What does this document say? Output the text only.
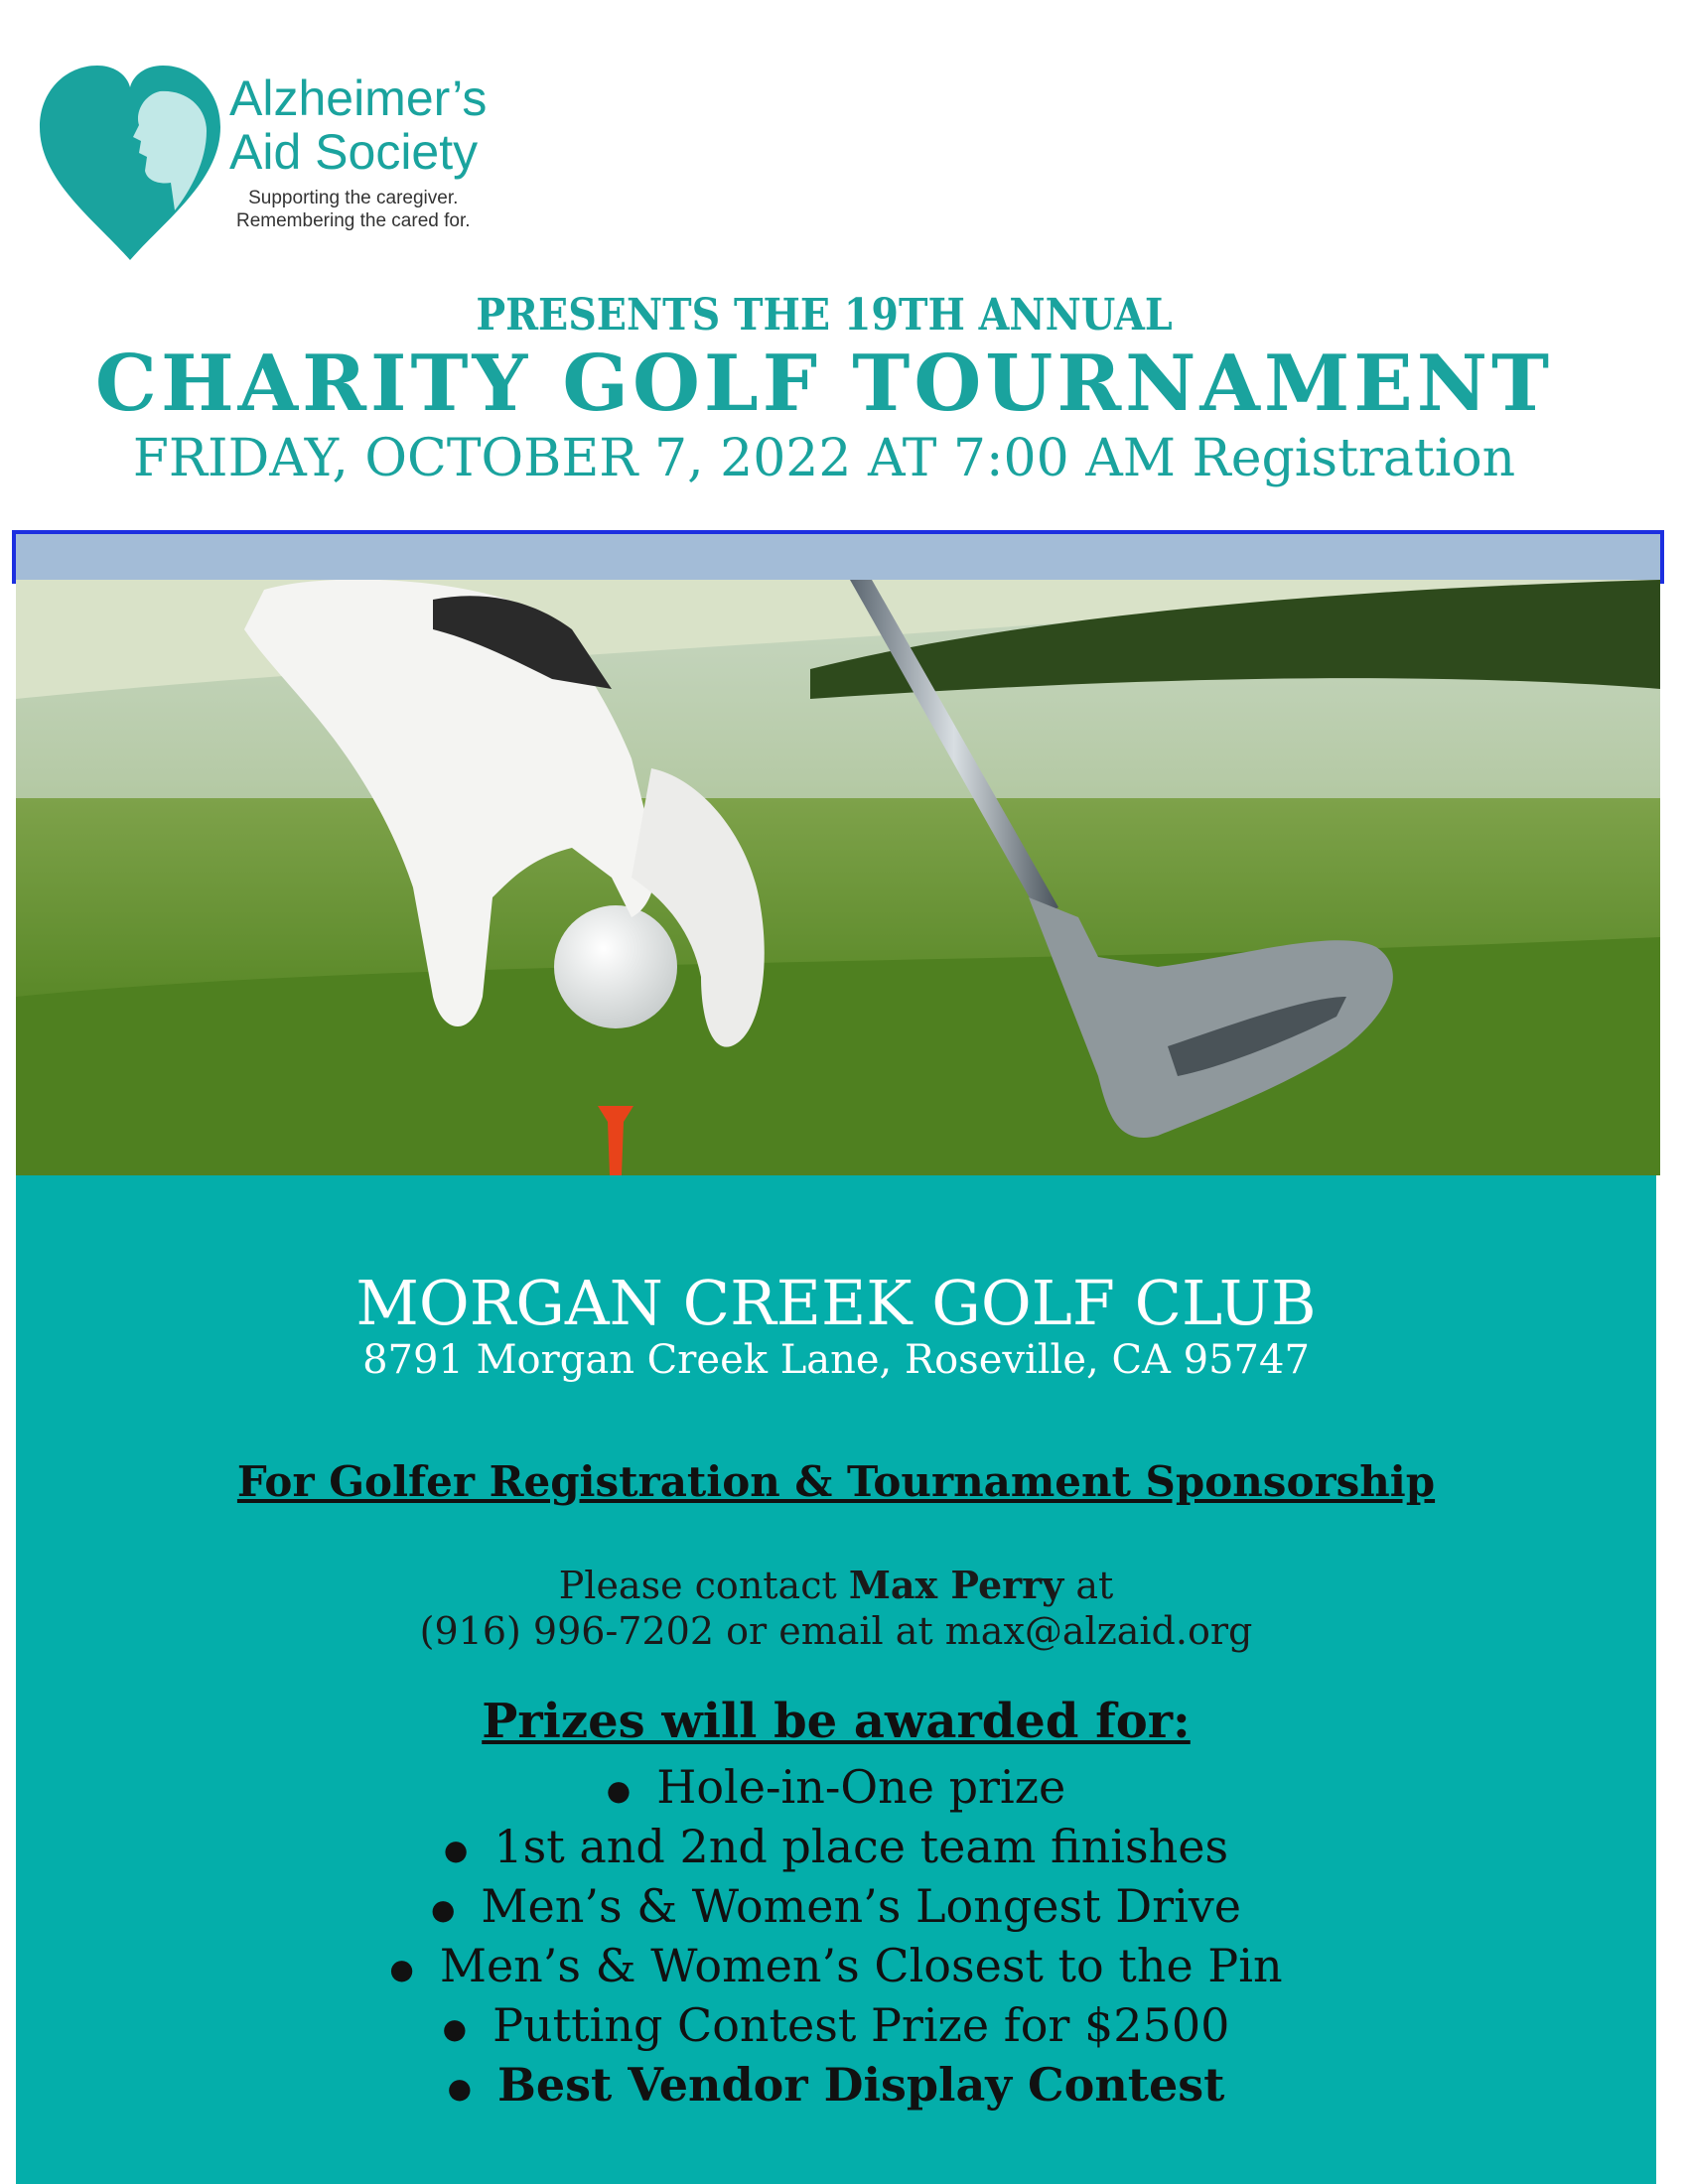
Alzheimer’s
Aid Society
Supporting the caregiver.
Remembering the cared for.
PRESENTS THE 19TH ANNUAL
CHARITY GOLF TOURNAMENT
FRIDAY, OCTOBER 7, 2022 AT 7:00 AM Registration
MORGAN CREEK GOLF CLUB
8791 Morgan Creek Lane, Roseville, CA 95747
For Golfer Registration & Tournament Sponsorship
Please contact Max Perry at
(916) 996-7202 or email at max@alzaid.org
Prizes will be awarded for:
● Hole-in-One prize
● 1st and 2nd place team finishes
● Men’s & Women’s Longest Drive
● Men’s & Women’s Closest to the Pin
● Putting Contest Prize for $2500
● Best Vendor Display Contest
